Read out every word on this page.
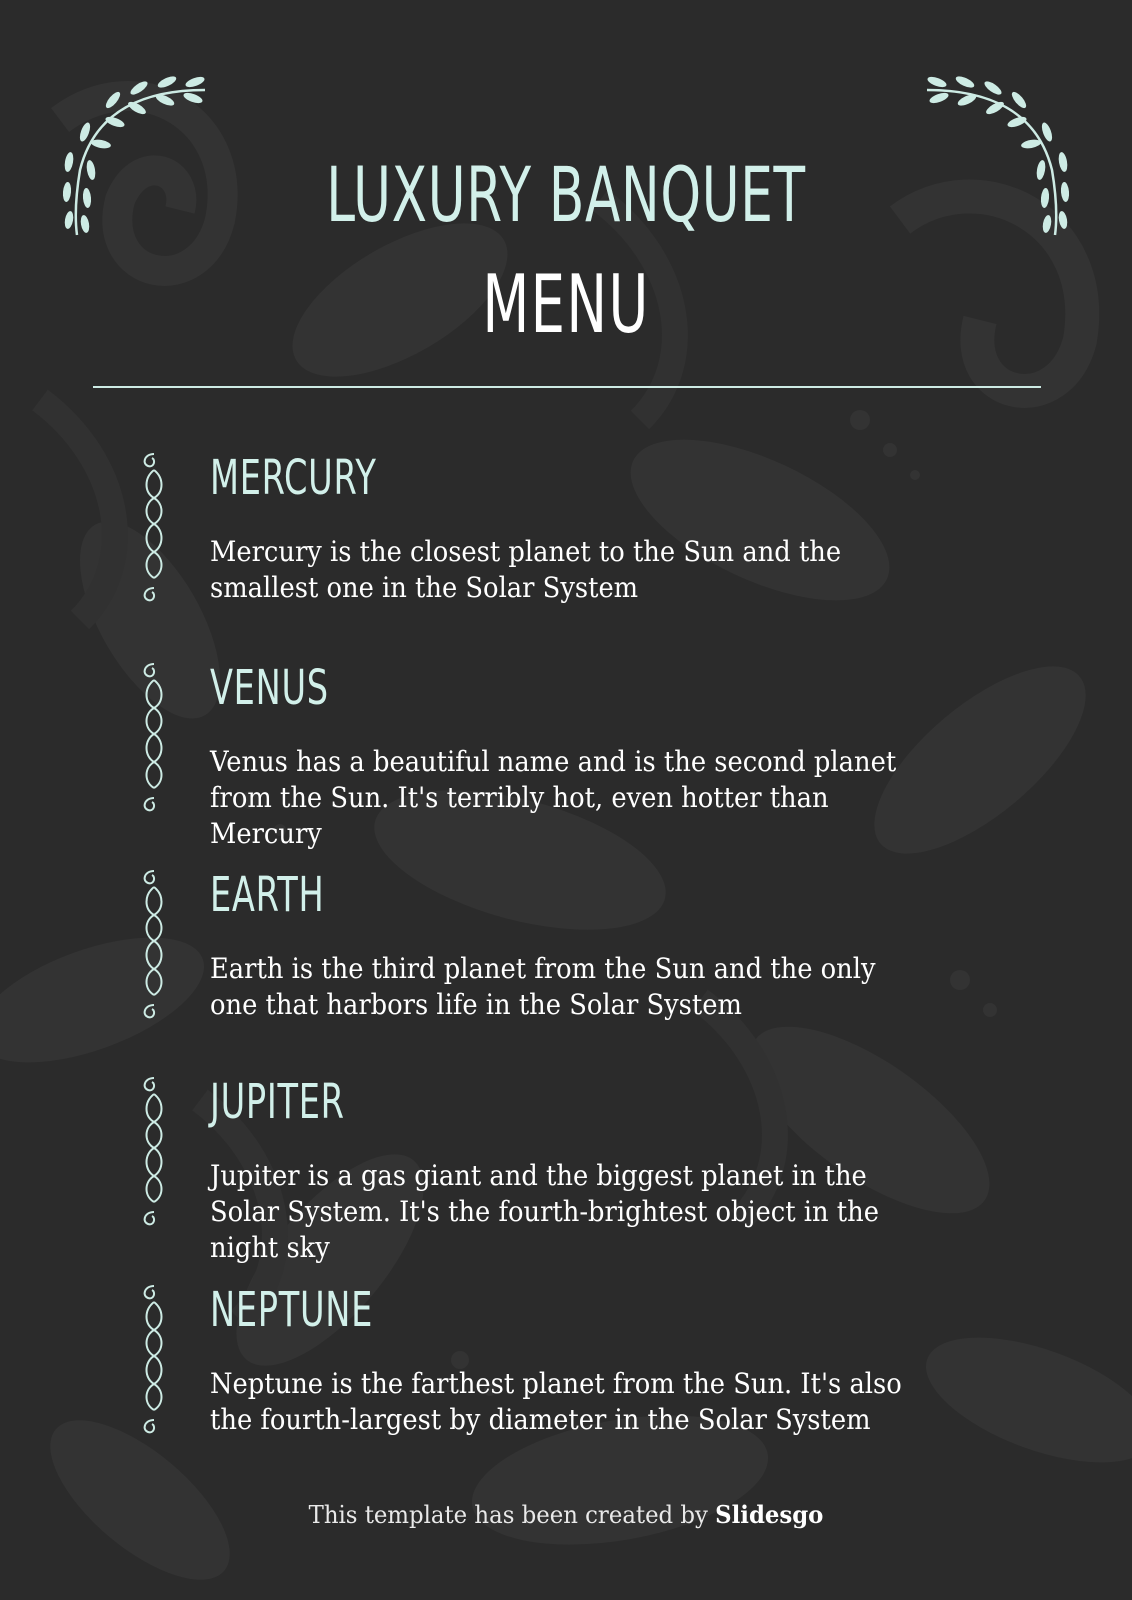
LUXURY BANQUET
MENU
MERCURY
Mercury is the closest planet to the Sun and the smallest one in the Solar System
VENUS
Venus has a beautiful name and is the second planet from the Sun. It's terribly hot, even hotter than Mercury
EARTH
Earth is the third planet from the Sun and the only one that harbors life in the Solar System
JUPITER
Jupiter is a gas giant and the biggest planet in the Solar System. It's the fourth-brightest object in the night sky
NEPTUNE
Neptune is the farthest planet from the Sun. It's also the fourth-largest by diameter in the Solar System
This template has been created by Slidesgo
